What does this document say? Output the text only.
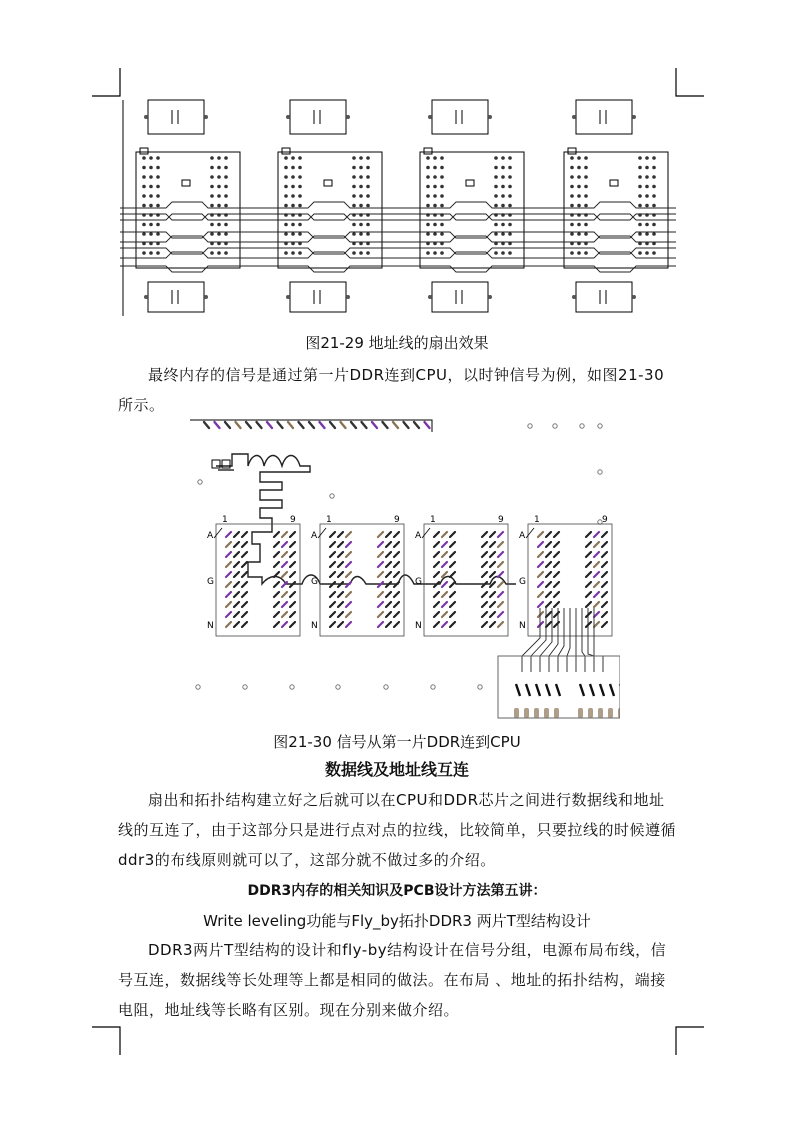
图21-29 地址线的扇出效果

最终内存的信号是通过第一片DDR连到CPU，以时钟信号为例，如图21-30所示。

A
G
N
1	9
A
G
N
1	9
A
G
N
1	9
A
G
N
1	9
图21-30 信号从第一片DDR连到CPU
数据线及地址线互连

扇出和拓扑结构建立好之后就可以在CPU和DDR芯片之间进行数据线和地址线的互连了，由于这部分只是进行点对点的拉线，比较简单，只要拉线的时候遵循ddr3的布线原则就可以了，这部分就不做过多的介绍。

DDR3内存的相关知识及PCB设计方法第五讲：
Write leveling功能与Fly_by拓扑DDR3 两片T型结构设计

DDR3两片T型结构的设计和fly-by结构设计在信号分组，电源布局布线，信号互连，数据线等长处理等上都是相同的做法。在布局 、地址的拓扑结构，端接电阻，地址线等长略有区别。现在分别来做介绍。
